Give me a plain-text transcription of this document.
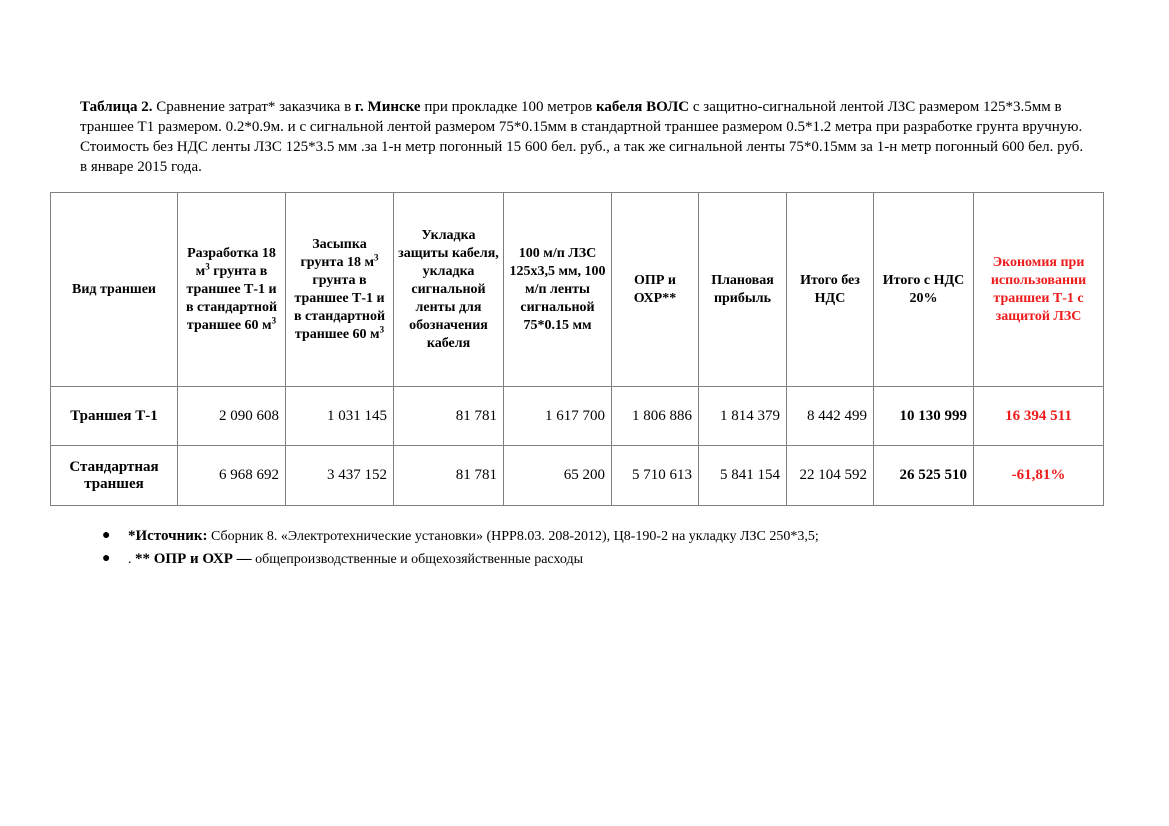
Таблица 2. Сравнение затрат* заказчика в г. Минске при прокладке 100 метров кабеля ВОЛС с защитно-сигнальной лентой ЛЗС размером 125*3.5мм в траншее Т1 размером. 0.2*0.9м. и с сигнальной лентой размером 75*0.15мм в стандартной траншее размером 0.5*1.2 метра при разработке грунта вручную. Стоимость без НДС ленты ЛЗС 125*3.5 мм .за 1-н метр погонный 15 600 бел. руб., а так же сигнальной ленты 75*0.15мм за 1-н метр погонный 600 бел. руб. в январе 2015 года.
Вид траншеи	Разработка 18 $м^3$ грунта в траншее Т-1 и в стандартной траншее 60 $м^3$	Засыпка грунта 18 $м^3$ грунта в траншее Т-1 и в стандартной траншее 60 $м^3$	Укладка защиты кабеля, укладка сигнальной ленты для обозначения кабеля	100 м/п ЛЗС 125х3,5 мм, 100 м/п ленты сигнальной 75*0.15 мм	ОПР и ОХР**	Плановая прибыль	Итого без НДС	Итого с НДС 20%	Экономия при использовании траншеи Т-1 с защитой ЛЗС
Траншея Т-1	2 090 608	1 031 145	81 781	1 617 700	1 806 886	1 814 379	8 442 499	10 130 999	16 394 511
Стандартная траншея	6 968 692	3 437 152	81 781	65 200	5 710 613	5 841 154	22 104 592	26 525 510	-61,81%
● *Источник: Сборник 8. «Электротехнические установки» (НРР8.03. 208-2012), Ц8-190-2 на укладку ЛЗС 250*3,5;
● . ** ОПР и ОХР — общепроизводственные и общехозяйственные расходы
